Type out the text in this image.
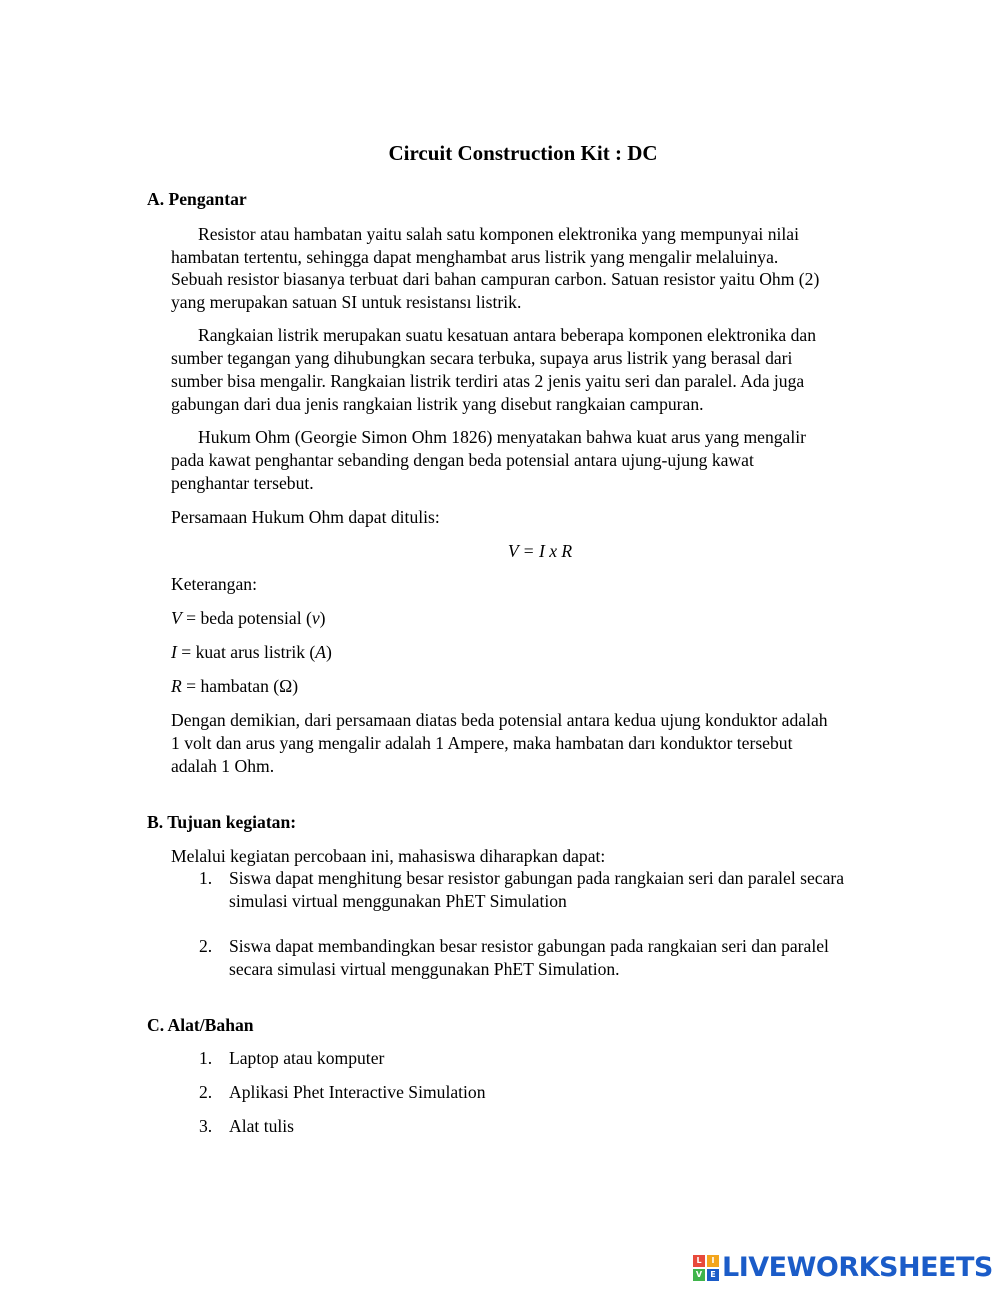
Circuit Construction Kit : DC
A. Pengantar
Resistor atau hambatan yaitu salah satu komponen elektronika yang mempunyai nilai
hambatan tertentu, sehingga dapat menghambat arus listrik yang mengalir melaluinya.
Sebuah resistor biasanya terbuat dari bahan campuran carbon. Satuan resistor yaitu Ohm (2)
yang merupakan satuan SI untuk resistansı listrik.
Rangkaian listrik merupakan suatu kesatuan antara beberapa komponen elektronika dan
sumber tegangan yang dihubungkan secara terbuka, supaya arus listrik yang berasal dari
sumber bisa mengalir. Rangkaian listrik terdiri atas 2 jenis yaitu seri dan paralel. Ada juga
gabungan dari dua jenis rangkaian listrik yang disebut rangkaian campuran.
Hukum Ohm (Georgie Simon Ohm 1826) menyatakan bahwa kuat arus yang mengalir
pada kawat penghantar sebanding dengan beda potensial antara ujung-ujung kawat
penghantar tersebut.
Persamaan Hukum Ohm dapat ditulis:
V = I x R
Keterangan:
V = beda potensial (v)
I = kuat arus listrik (A)
R = hambatan (Ω)
Dengan demikian, dari persamaan diatas beda potensial antara kedua ujung konduktor adalah
1 volt dan arus yang mengalir adalah 1 Ampere, maka hambatan darı konduktor tersebut
adalah 1 Ohm.
B. Tujuan kegiatan:
Melalui kegiatan percobaan ini, mahasiswa diharapkan dapat:
1. Siswa dapat menghitung besar resistor gabungan pada rangkaian seri dan paralel secara
simulasi virtual menggunakan PhET Simulation
2. Siswa dapat membandingkan besar resistor gabungan pada rangkaian seri dan paralel
secara simulasi virtual menggunakan PhET Simulation.
C. Alat/Bahan
1. Laptop atau komputer
2. Aplikasi Phet Interactive Simulation
3. Alat tulis
L	I
V	E LIVEWORKSHEETS
